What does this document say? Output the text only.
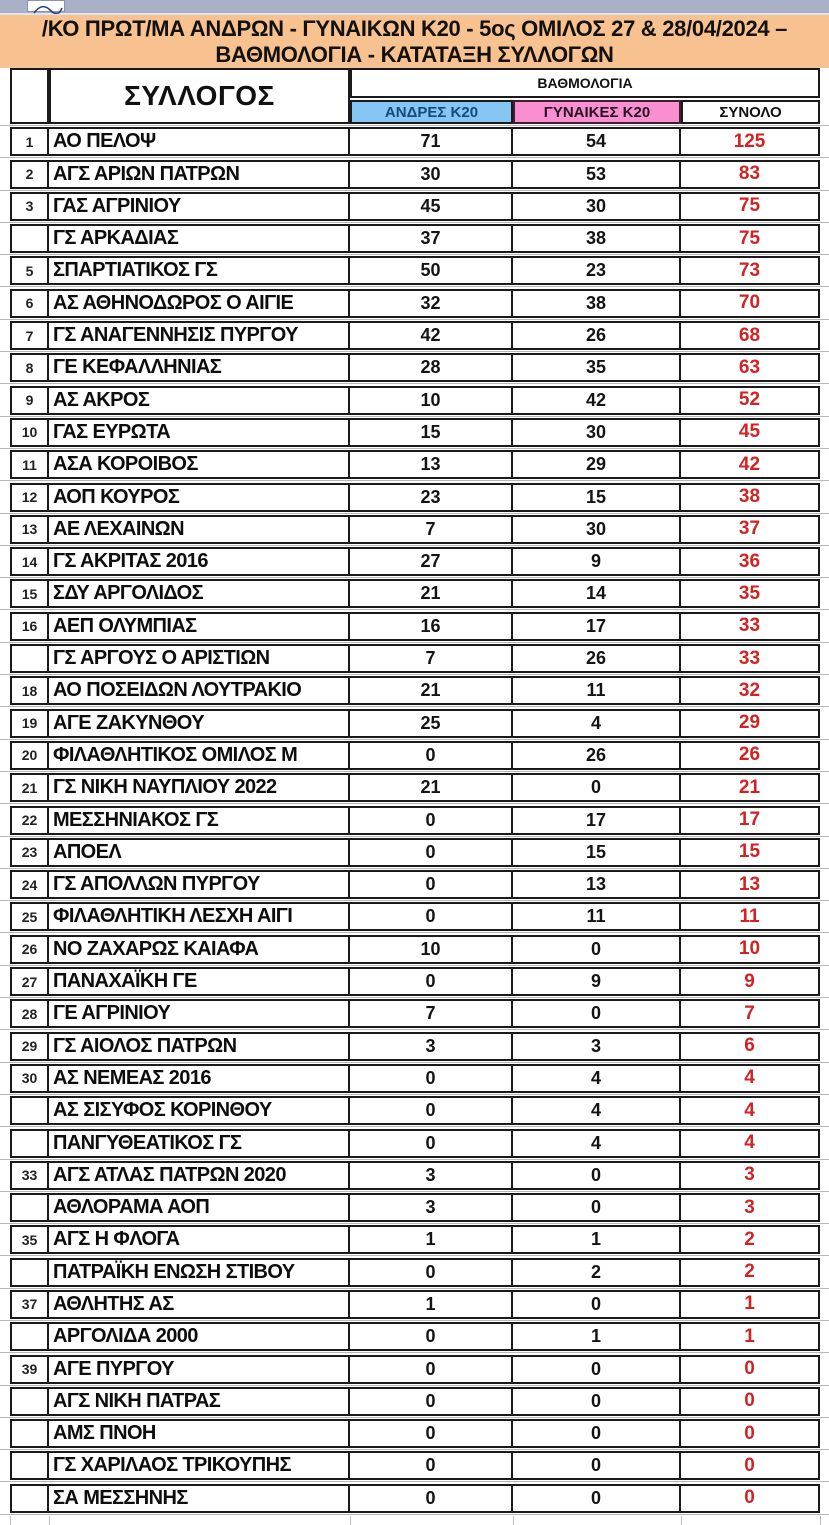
/ΚΟ ΠΡΩΤ/ΜΑ ΑΝΔΡΩΝ - ΓΥΝΑΙΚΩΝ Κ20 - 5ος ΟΜΙΛΟΣ 27 & 28/04/2024 –
ΒΑΘΜΟΛΟΓΙΑ - ΚΑΤΑΤΑΞΗ ΣΥΛΛΟΓΩΝ
ΣΥΛΛΟΓΟΣ	ΒΑΘΜΟΛΟΓΙΑ
ΑΝΔΡΕΣ Κ20	ΓΥΝΑΙΚΕΣ Κ20	ΣΥΝΟΛΟ
1 ΑΟ ΠΕΛΟΨ	71	54	125
2 ΑΓΣ ΑΡΙΩΝ ΠΑΤΡΩΝ	30	53	83
3 ΓΑΣ ΑΓΡΙΝΙΟΥ	45	30	75
ΓΣ ΑΡΚΑΔΙΑΣ	37	38	75
5 ΣΠΑΡΤΙΑΤΙΚΟΣ ΓΣ	50	23	73
6 ΑΣ ΑΘΗΝΟΔΩΡΟΣ Ο ΑΙΓΙΕ	32	38	70
7 ΓΣ ΑΝΑΓΕΝΝΗΣΙΣ ΠΥΡΓΟΥ	42	26	68
8 ΓΕ ΚΕΦΑΛΛΗΝΙΑΣ	28	35	63
9 ΑΣ ΑΚΡΟΣ	10	42	52
10 ΓΑΣ ΕΥΡΩΤΑ	15	30	45
11 ΑΣΑ ΚΟΡΟΙΒΟΣ	13	29	42
12 ΑΟΠ ΚΟΥΡΟΣ	23	15	38
13 ΑΕ ΛΕΧΑΙΝΩΝ	7	30	37
14 ΓΣ ΑΚΡΙΤΑΣ 2016	27	9	36
15 ΣΔΥ ΑΡΓΟΛΙΔΟΣ	21	14	35
16 ΑΕΠ ΟΛΥΜΠΙΑΣ	16	17	33
ΓΣ ΑΡΓΟΥΣ Ο ΑΡΙΣΤΙΩΝ	7	26	33
18 ΑΟ ΠΟΣΕΙΔΩΝ ΛΟΥΤΡΑΚΙΟ	21	11	32
19 ΑΓΕ ΖΑΚΥΝΘΟΥ	25	4	29
20 ΦΙΛΑΘΛΗΤΙΚΟΣ ΟΜΙΛΟΣ Μ	0	26	26
21 ΓΣ ΝΙΚΗ ΝΑΥΠΛΙΟΥ 2022	21	0	21
22 ΜΕΣΣΗΝΙΑΚΟΣ ΓΣ	0	17	17
23 ΑΠΟΕΛ	0	15	15
24 ΓΣ ΑΠΟΛΛΩΝ ΠΥΡΓΟΥ	0	13	13
25 ΦΙΛΑΘΛΗΤΙΚΗ ΛΕΣΧΗ ΑΙΓΙ	0	11	11
26 ΝΟ ΖΑΧΑΡΩΣ ΚΑΙΑΦΑ	10	0	10
27 ΠΑΝΑΧΑΪΚΗ ΓΕ	0	9	9
28 ΓΕ ΑΓΡΙΝΙΟΥ	7	0	7
29 ΓΣ ΑΙΟΛΟΣ ΠΑΤΡΩΝ	3	3	6
30 ΑΣ ΝΕΜΕΑΣ 2016	0	4	4
ΑΣ ΣΙΣΥΦΟΣ ΚΟΡΙΝΘΟΥ	0	4	4
ΠΑΝΓΥΘΕΑΤΙΚΟΣ ΓΣ	0	4	4
33 ΑΓΣ ΑΤΛΑΣ ΠΑΤΡΩΝ 2020	3	0	3
ΑΘΛΟΡΑΜΑ ΑΟΠ	3	0	3
35 ΑΓΣ Η ΦΛΟΓΑ	1	1	2
ΠΑΤΡΑΪΚΗ ΕΝΩΣΗ ΣΤΙΒΟΥ	0	2	2
37 ΑΘΛΗΤΗΣ ΑΣ	1	0	1
ΑΡΓΟΛΙΔΑ 2000	0	1	1
39 ΑΓΕ ΠΥΡΓΟΥ	0	0	0
ΑΓΣ ΝΙΚΗ ΠΑΤΡΑΣ	0	0	0
ΑΜΣ ΠΝΟΗ	0	0	0
ΓΣ ΧΑΡΙΛΑΟΣ ΤΡΙΚΟΥΠΗΣ	0	0	0
ΣΑ ΜΕΣΣΗΝΗΣ	0	0	0
